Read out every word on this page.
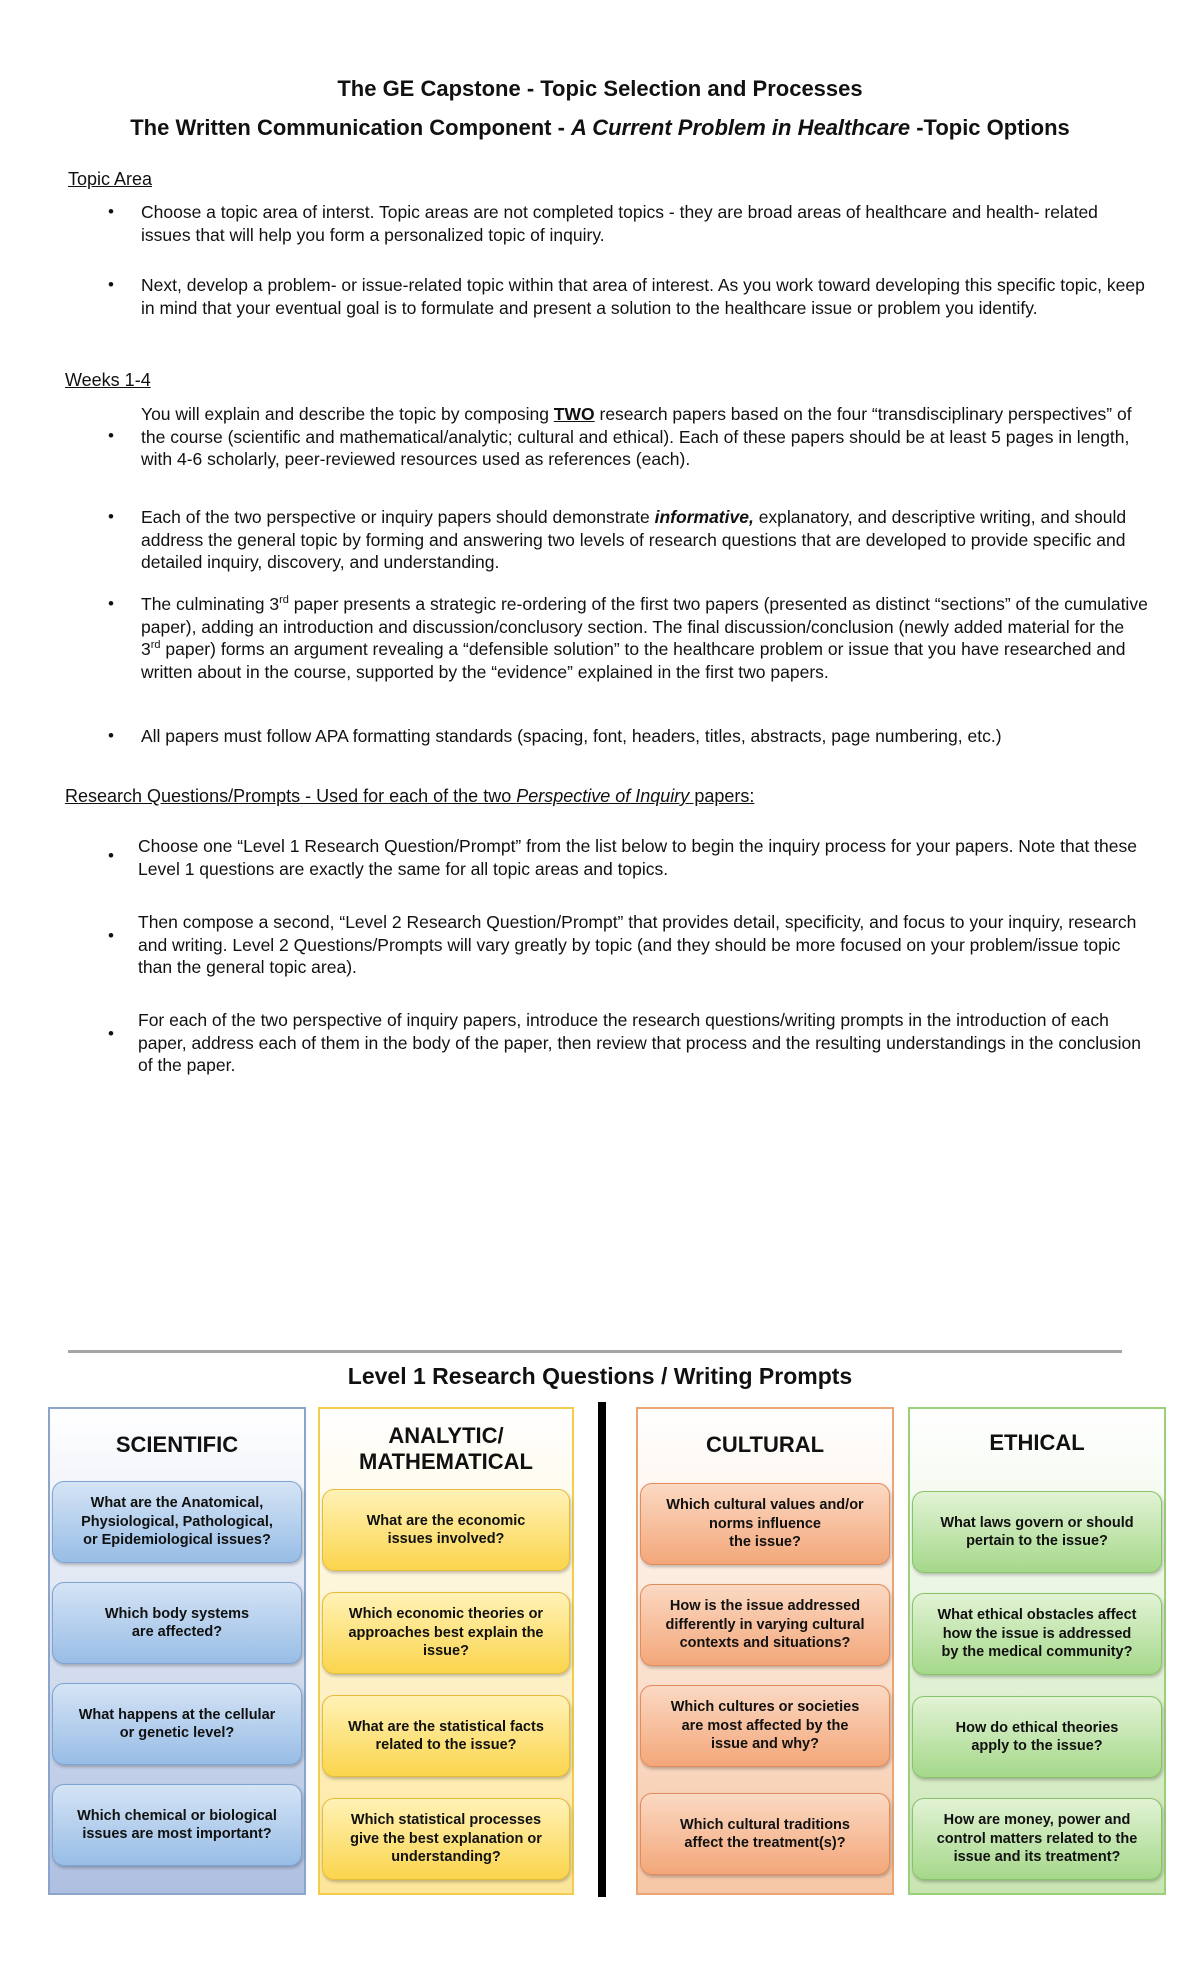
The GE Capstone - Topic Selection and Processes
The Written Communication Component - A Current Problem in Healthcare -Topic Options
Topic Area
• Choose a topic area of interst. Topic areas are not completed topics - they are broad areas of healthcare and health- related issues that will help you form a personalized topic of inquiry.
• Next, develop a problem- or issue-related topic within that area of interest. As you work toward developing this specific topic, keep in mind that your eventual goal is to formulate and present a solution to the healthcare issue or problem you identify.
Weeks 1-4
•
You will explain and describe the topic by composing TWO research papers based on the four “transdisciplinary perspectives” of the course (scientific and mathematical/analytic; cultural and ethical). Each of these papers should be at least 5 pages in length, with 4-6 scholarly, peer-reviewed resources used as references (each).
• Each of the two perspective or inquiry papers should demonstrate informative, explanatory, and descriptive writing, and should address the general topic by forming and answering two levels of research questions that are developed to provide specific and detailed inquiry, discovery, and understanding.
• The culminating 3rd paper presents a strategic re-ordering of the first two papers (presented as distinct “sections” of the cumulative paper), adding an introduction and discussion/conclusory section. The final discussion/conclusion (newly added material for the 3rd paper) forms an argument revealing a “defensible solution” to the healthcare problem or issue that you have researched and written about in the course, supported by the “evidence” explained in the first two papers.
• All papers must follow APA formatting standards (spacing, font, headers, titles, abstracts, page numbering, etc.)
Research Questions/Prompts - Used for each of the two Perspective of Inquiry papers:
• Choose one “Level 1 Research Question/Prompt” from the list below to begin the inquiry process for your papers. Note that these Level 1 questions are exactly the same for all topic areas and topics.
•
Then compose a second, “Level 2 Research Question/Prompt” that provides detail, specificity, and focus to your inquiry, research and writing. Level 2 Questions/Prompts will vary greatly by topic (and they should be more focused on your problem/issue topic than the general topic area).
•
For each of the two perspective of inquiry papers, introduce the research questions/writing prompts in the introduction of each paper, address each of them in the body of the paper, then review that process and the resulting understandings in the conclusion of the paper.
Level 1 Research Questions / Writing Prompts
SCIENTIFIC
What are the Anatomical,
Physiological, Pathological,
or Epidemiological issues?
Which body systems
are affected?
What happens at the cellular
or genetic level?
Which chemical or biological
issues are most important?
ANALYTIC/
MATHEMATICAL
What are the economic
issues involved?
Which economic theories or
approaches best explain the
issue?
What are the statistical facts
related to the issue?
Which statistical processes
give the best explanation or
understanding?
CULTURAL
Which cultural values and/or
norms influence
the issue?
How is the issue addressed
differently in varying cultural
contexts and situations?
Which cultures or societies
are most affected by the
issue and why?
Which cultural traditions
affect the treatment(s)?
ETHICAL
What laws govern or should
pertain to the issue?
What ethical obstacles affect
how the issue is addressed
by the medical community?
How do ethical theories
apply to the issue?
How are money, power and
control matters related to the
issue and its treatment?
